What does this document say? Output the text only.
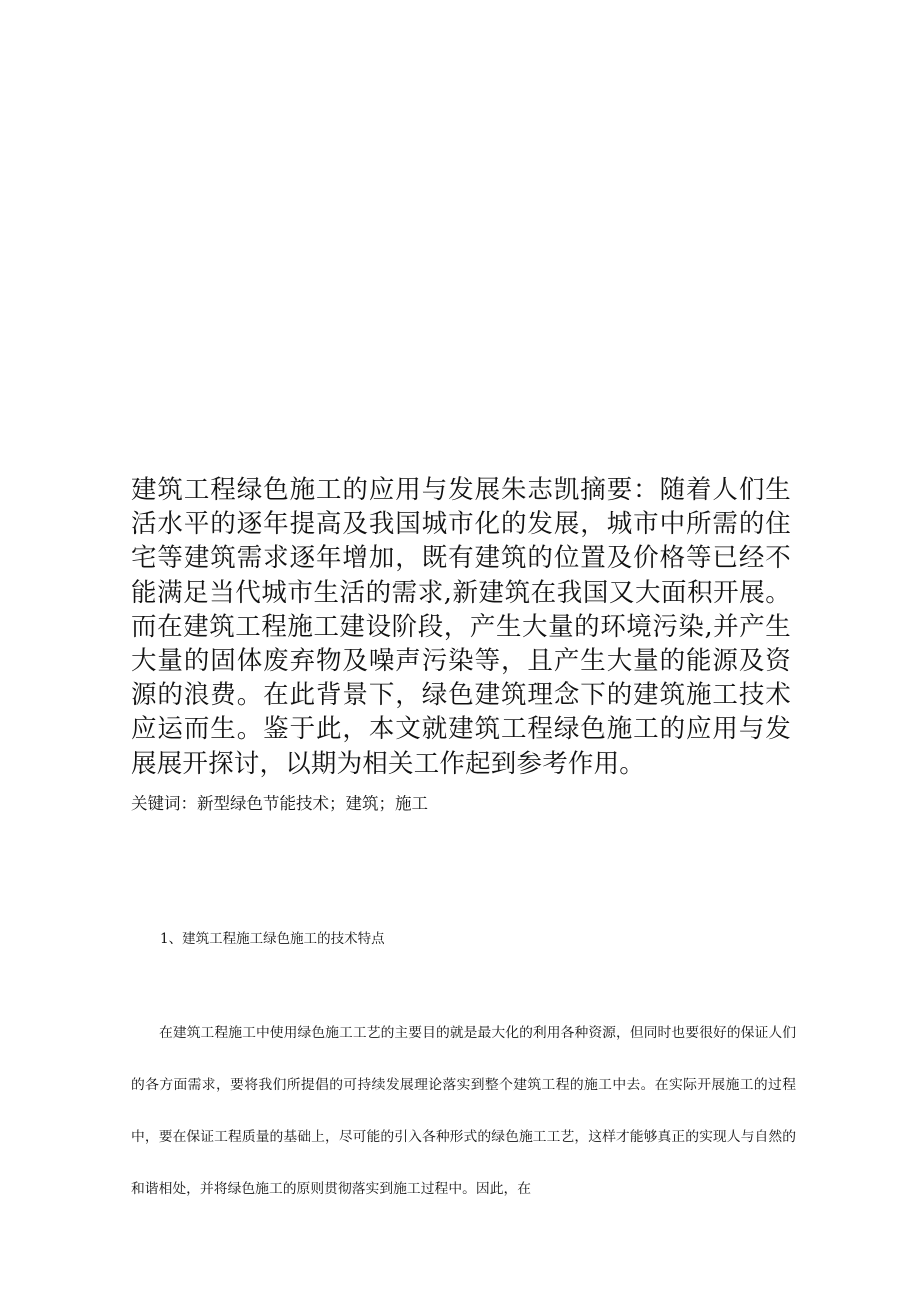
建筑工程绿色施工的应用与发展朱志凯摘要：随着人们生活水平的逐年提高及我国城市化的发展，城市中所需的住宅等建筑需求逐年增加，既有建筑的位置及价格等已经不能满足当代城市生活的需求,新建筑在我国又大面积开展。而在建筑工程施工建设阶段，产生大量的环境污染,并产生大量的固体废弃物及噪声污染等，且产生大量的能源及资源的浪费。在此背景下，绿色建筑理念下的建筑施工技术应运而生。鉴于此，本文就建筑工程绿色施工的应用与发展展开探讨，以期为相关工作起到参考作用。

关键词：新型绿色节能技术；建筑；施工

1、建筑工程施工绿色施工的技术特点

在建筑工程施工中使用绿色施工工艺的主要目的就是最大化的利用各种资源，但同时也要很好的保证人们的各方面需求，要将我们所提倡的可持续发展理论落实到整个建筑工程的施工中去。在实际开展施工的过程中，要在保证工程质量的基础上，尽可能的引入各种形式的绿色施工工艺，这样才能够真正的实现人与自然的和谐相处，并将绿色施工的原则贯彻落实到施工过程中。因此，在
